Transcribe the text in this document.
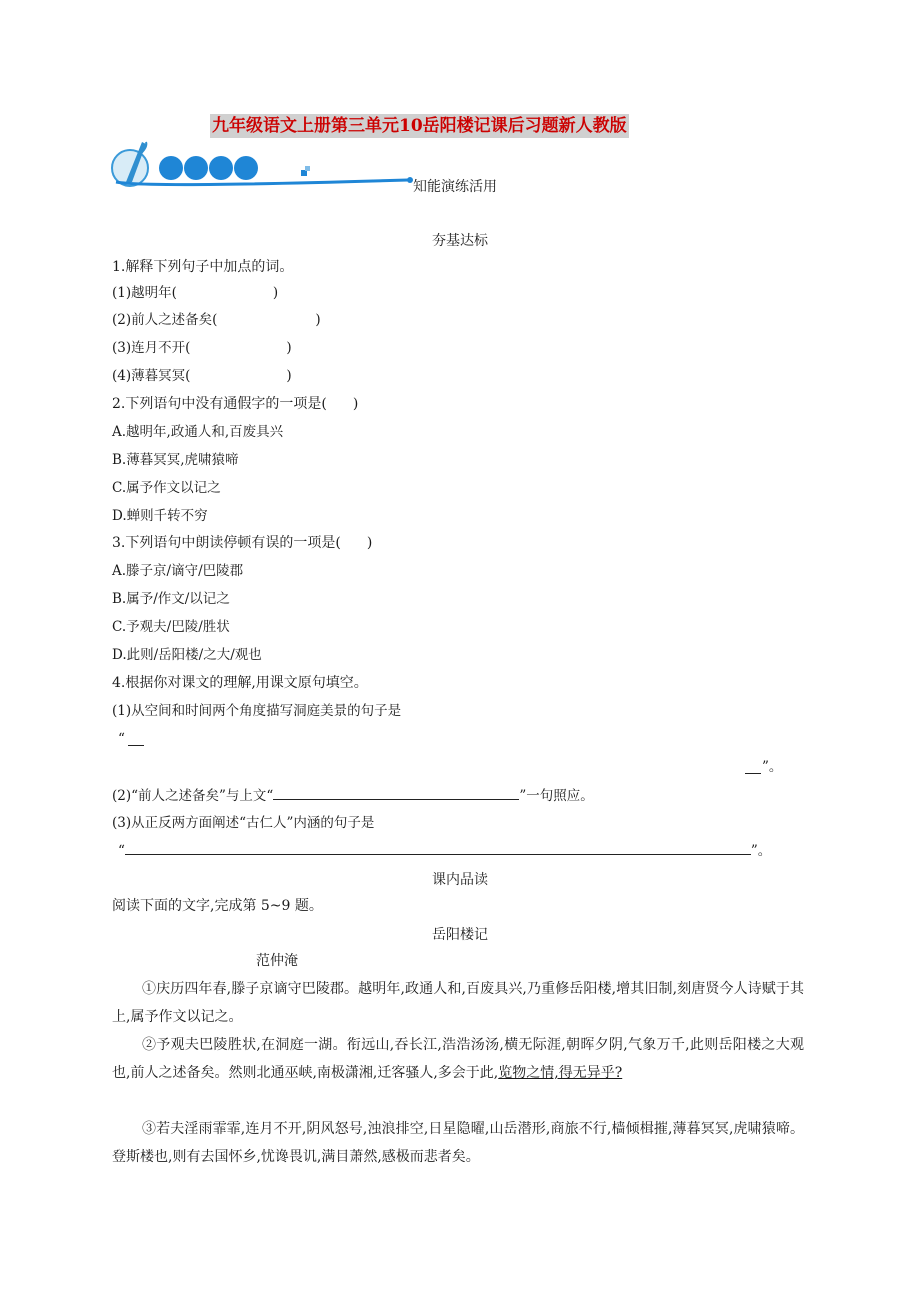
九年级语文上册第三单元10岳阳楼记课后习题新人教版
知能演练活用
夯基达标
1.解释下列句子中加点的词。
(1)越明年(	)
(2)前人之述备矣(	)
(3)连月不开(	)
(4)薄暮冥冥(	)
2.下列语句中没有通假字的一项是( )
A.越明年,政通人和,百废具兴
B.薄暮冥冥,虎啸猿啼
C.属予作文以记之
D.蝉则千转不穷
3.下列语句中朗读停顿有误的一项是( )
A.滕子京/谪守/巴陵郡
B.属予/作文/以记之
C.予观夫/巴陵/胜状
D.此则/岳阳楼/之大/观也
4.根据你对课文的理解,用课文原句填空。
(1)从空间和时间两个角度描写洞庭美景的句子是
“
”。
(2)“前人之述备矣”与上文“	”一句照应。
(3)从正反两方面阐述“古仁人”内涵的句子是
“	”。
课内品读
阅读下面的文字,完成第 5~9 题。
岳阳楼记
范仲淹
①庆历四年春,滕子京谪守巴陵郡。越明年,政通人和,百废具兴,乃重修岳阳楼,增其旧制,刻唐贤今人诗赋于其上,属予作文以记之。
②予观夫巴陵胜状,在洞庭一湖。衔远山,吞长江,浩浩汤汤,横无际涯,朝晖夕阴,气象万千,此则岳阳楼之大观也,前人之述备矣。然则北通巫峡,南极潇湘,迁客骚人,多会于此,览物之情,得无异乎?
③若夫淫雨霏霏,连月不开,阴风怒号,浊浪排空,日星隐曜,山岳潜形,商旅不行,樯倾楫摧,薄暮冥冥,虎啸猿啼。登斯楼也,则有去国怀乡,忧谗畏讥,满目萧然,感极而悲者矣。
